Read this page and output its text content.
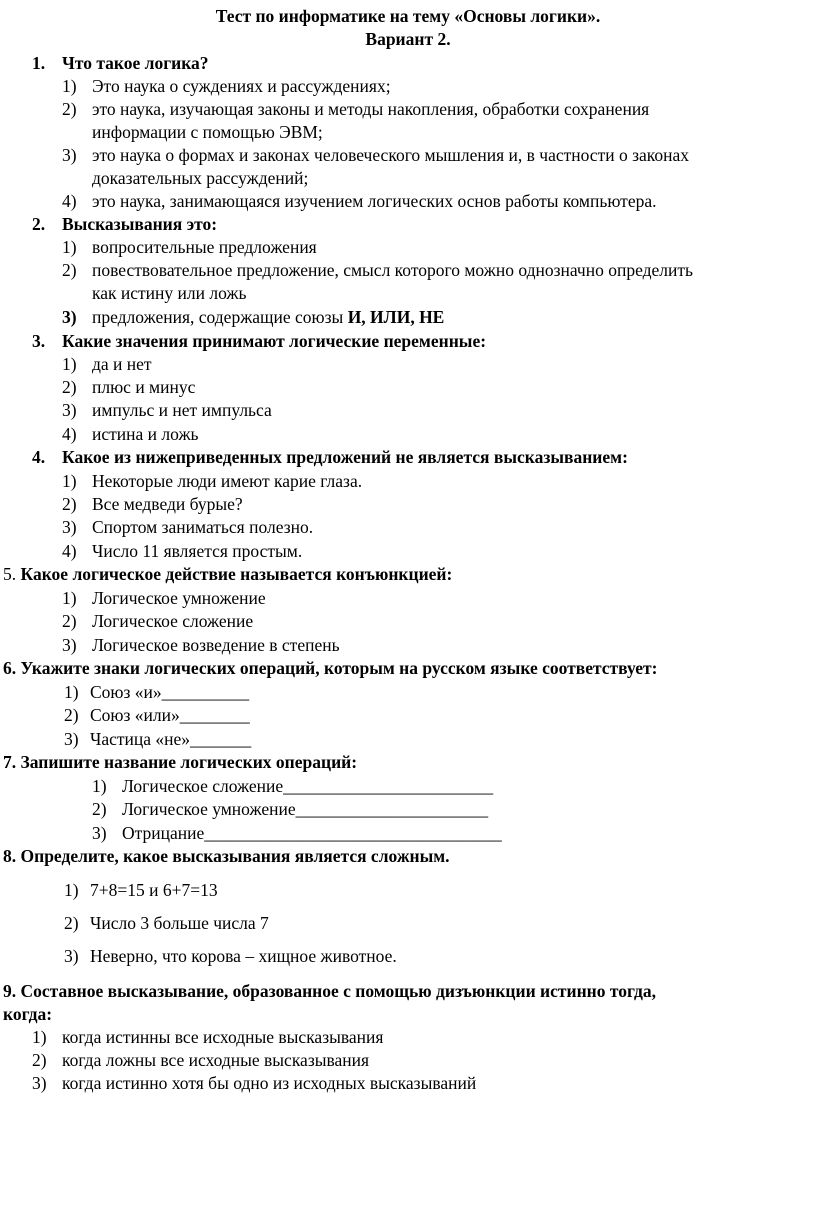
Тест по информатике на тему «Основы логики».
Вариант 2.
1. Что такое логика?
1) Это наука о суждениях и рассуждениях;
2) это наука, изучающая законы и методы накопления, обработки сохранения
информации с помощью ЭВМ;
3) это наука о формах и законах человеческого мышления и, в частности о законах
доказательных рассуждений;
4) это наука, занимающаяся изучением логических основ работы компьютера.
2. Высказывания это:
1) вопросительные предложения
2) повествовательное предложение, смысл которого можно однозначно определить
как истину или ложь
3) предложения, содержащие союзы И, ИЛИ, НЕ
3. Какие значения принимают логические переменные:
1) да и нет
2) плюс и минус
3) импульс и нет импульса
4) истина и ложь
4. Какое из нижеприведенных предложений не является высказыванием:
1) Некоторые люди имеют карие глаза.
2) Все медведи бурые?
3) Спортом заниматься полезно.
4) Число 11 является простым.
5. Какое логическое действие называется конъюнкцией:
1) Логическое умножение
2) Логическое сложение
3) Логическое возведение в степень
6. Укажите знаки логических операций, которым на русском языке соответствует:
1) Союз «и»__________
2) Союз «или»________
3) Частица «не»_______
7. Запишите название логических операций:
1) Логическое сложение________________________
2) Логическое умножение______________________
3) Отрицание__________________________________
8. Определите, какое высказывания является сложным.
1) 7+8=15 и 6+7=13
2) Число 3 больше числа 7
3) Неверно, что корова – хищное животное.
9. Составное высказывание, образованное с помощью дизъюнкции истинно тогда,
когда:
1) когда истинны все исходные высказывания
2) когда ложны все исходные высказывания
3) когда истинно хотя бы одно из исходных высказываний
